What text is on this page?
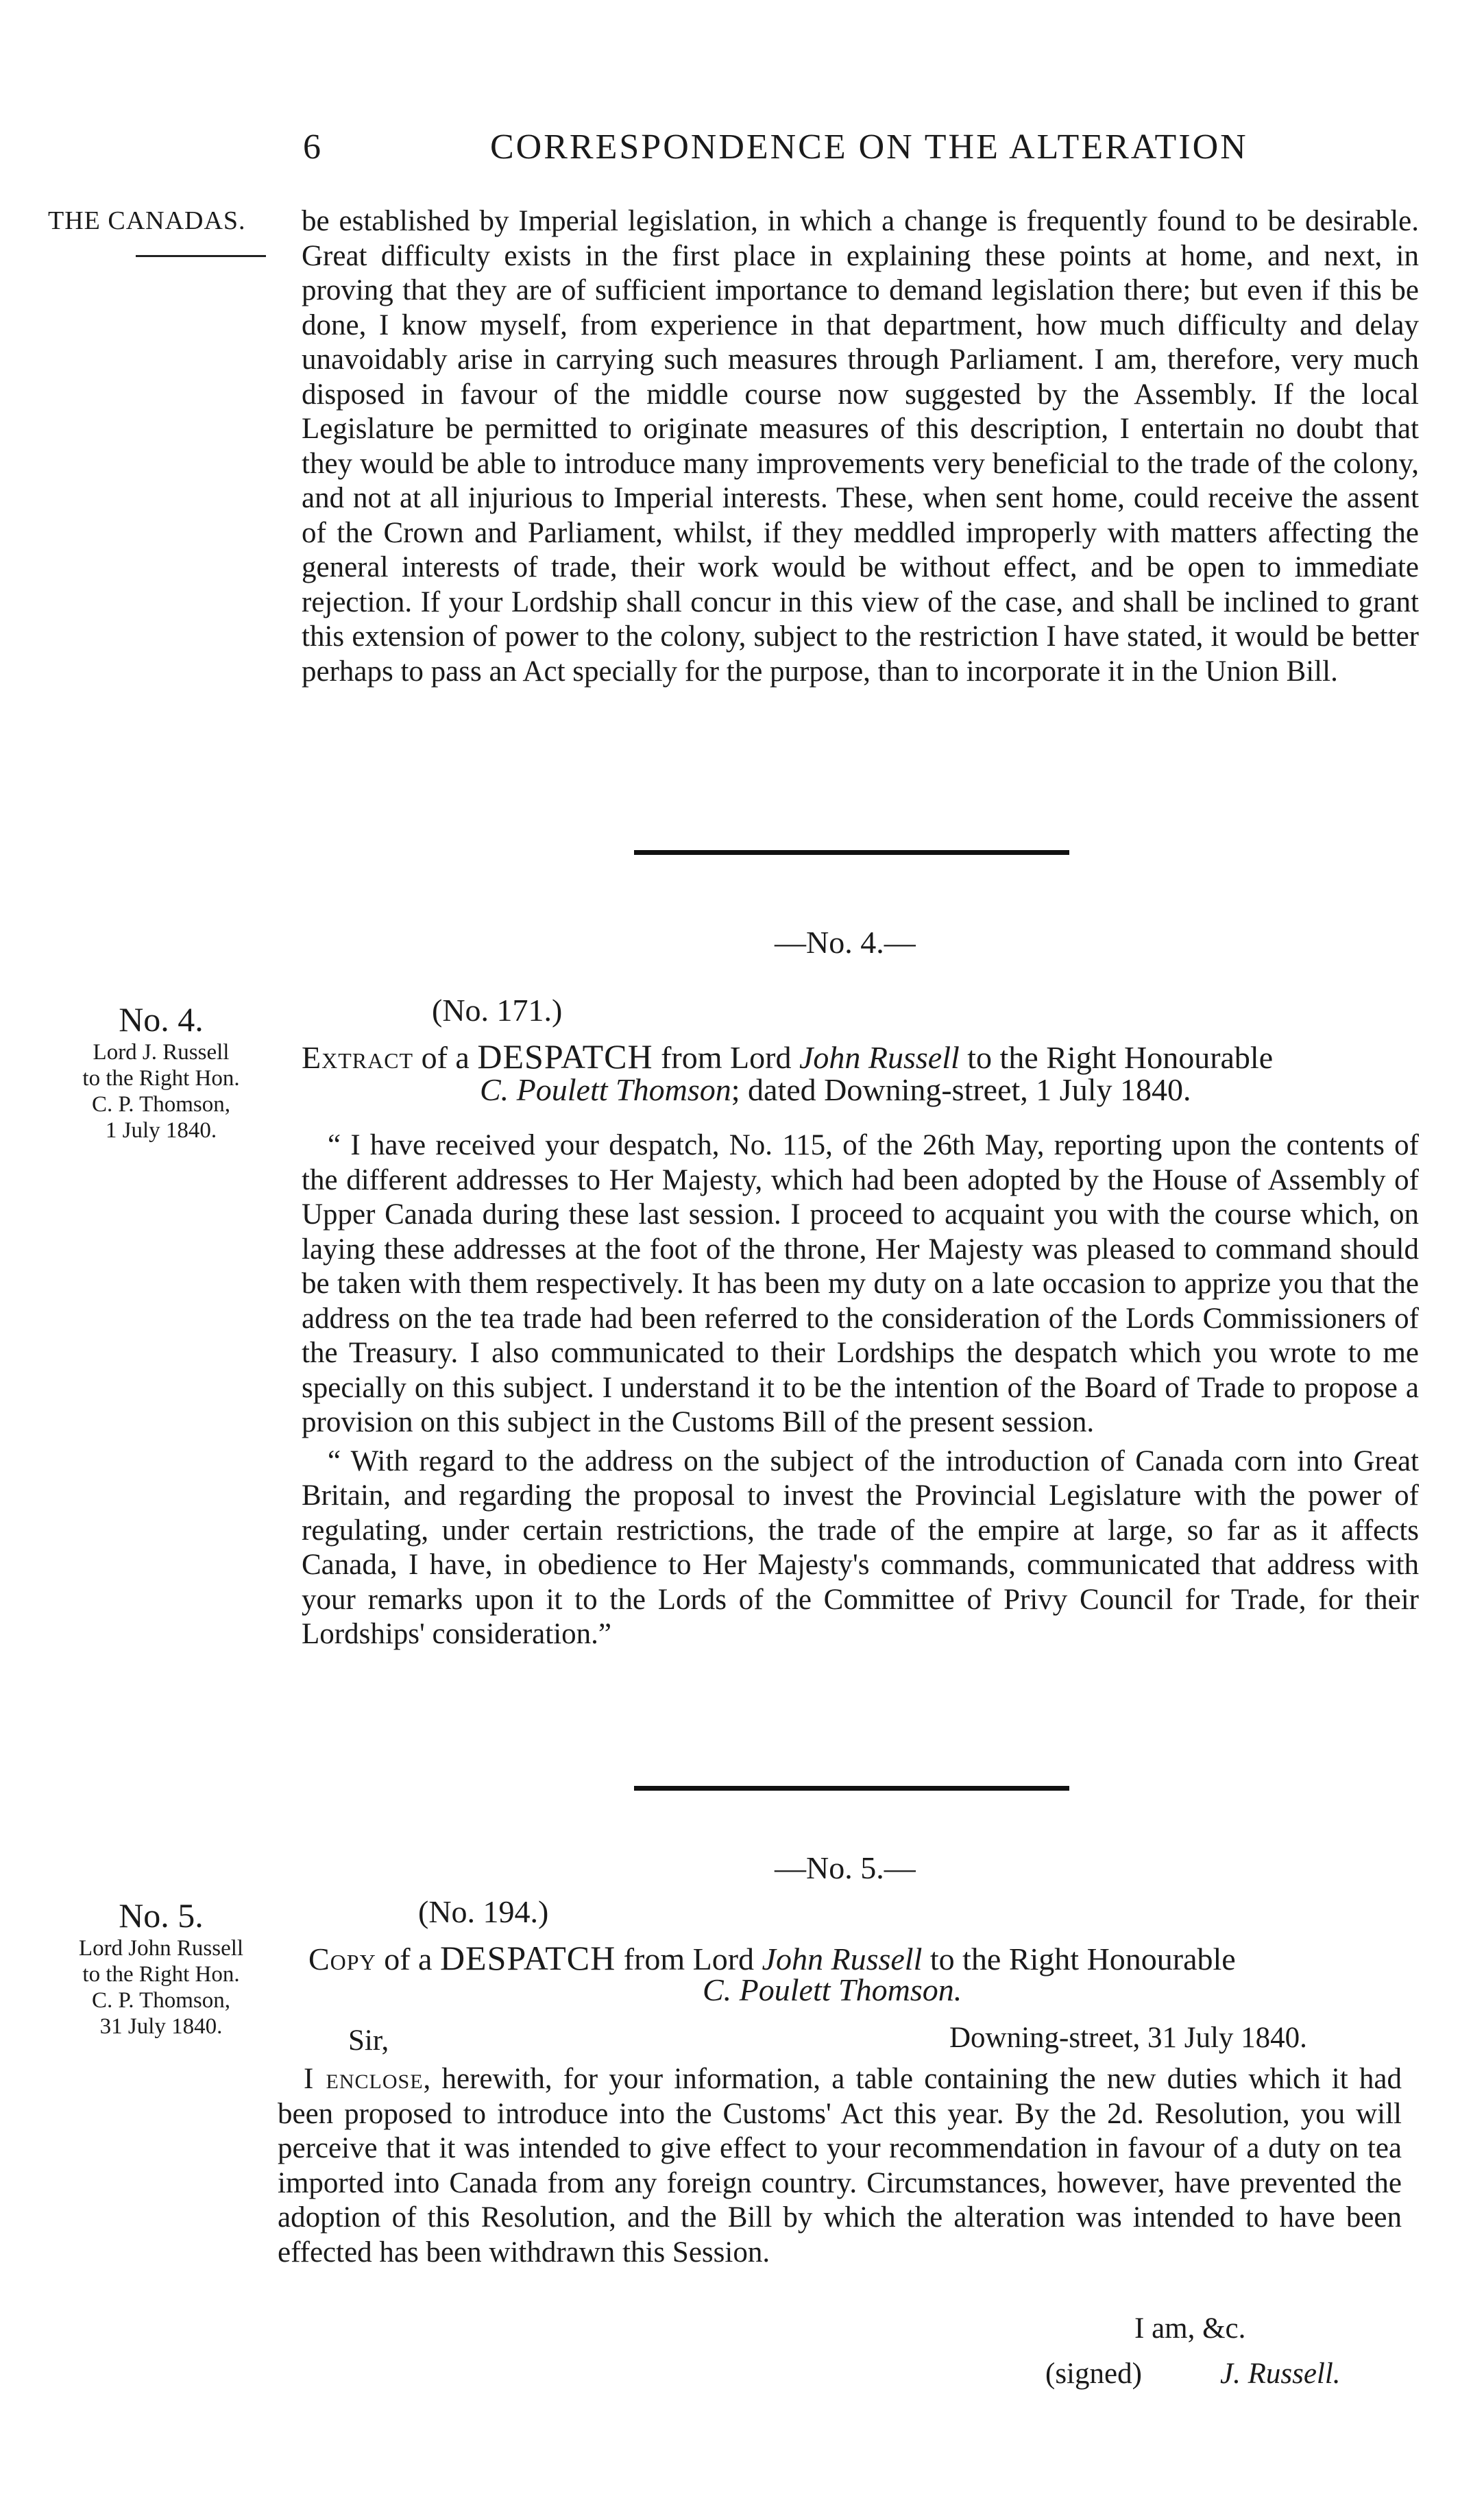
6	CORRESPONDENCE ON THE ALTERATION
THE CANADAS. be established by Imperial legislation, in which a change is frequently found to be desirable. Great difficulty exists in the first place in explaining these points at home, and next, in proving that they are of sufficient importance to demand legislation there; but even if this be done, I know myself, from experience in that department, how much difficulty and delay unavoidably arise in carrying such measures through Parliament. I am, therefore, very much disposed in favour of the middle course now suggested by the Assembly. If the local Legislature be permitted to originate measures of this description, I entertain no doubt that they would be able to introduce many improvements very beneficial to the trade of the colony, and not at all injurious to Imperial interests. These, when sent home, could receive the assent of the Crown and Parliament, whilst, if they meddled improperly with matters affecting the general interests of trade, their work would be without effect, and be open to immediate rejection. If your Lordship shall concur in this view of the case, and shall be inclined to grant this extension of power to the colony, subject to the restriction I have stated, it would be better perhaps to pass an Act specially for the purpose, than to incorporate it in the Union Bill.

—No. 4.—
No. 4.
Lord J. Russell
to the Right Hon.
C. P. Thomson,
1 July 1840.
(No. 171.)
Extract of a DESPATCH from Lord John Russell to the Right Honourable
C. Poulett Thomson; dated Downing-street, 1 July 1840.

“ I have received your despatch, No. 115, of the 26th May, reporting upon the contents of the different addresses to Her Majesty, which had been adopted by the House of Assembly of Upper Canada during these last session. I proceed to acquaint you with the course which, on laying these addresses at the foot of the throne, Her Majesty was pleased to command should be taken with them respectively. It has been my duty on a late occasion to apprize you that the address on the tea trade had been referred to the consideration of the Lords Commissioners of the Treasury. I also communicated to their Lordships the despatch which you wrote to me specially on this subject. I understand it to be the intention of the Board of Trade to propose a provision on this subject in the Customs Bill of the present session.

“ With regard to the address on the subject of the introduction of Canada corn into Great Britain, and regarding the proposal to invest the Provincial Legislature with the power of regulating, under certain restrictions, the trade of the empire at large, so far as it affects Canada, I have, in obedience to Her Majesty's commands, communicated that address with your remarks upon it to the Lords of the Committee of Privy Council for Trade, for their Lordships' consideration.”

—No. 5.—
No. 5.
Lord John Russell
to the Right Hon.
C. P. Thomson,
31 July 1840.
(No. 194.)
Copy of a DESPATCH from Lord John Russell to the Right Honourable
C. Poulett Thomson.
Sir,	Downing-street, 31 July 1840.

I enclose, herewith, for your information, a table containing the new duties which it had been proposed to introduce into the Customs' Act this year. By the 2d. Resolution, you will perceive that it was intended to give effect to your recommendation in favour of a duty on tea imported into Canada from any foreign country. Circumstances, however, have prevented the adoption of this Resolution, and the Bill by which the alteration was intended to have been effected has been withdrawn this Session.

I am, &c.
(signed)	J. Russell.
